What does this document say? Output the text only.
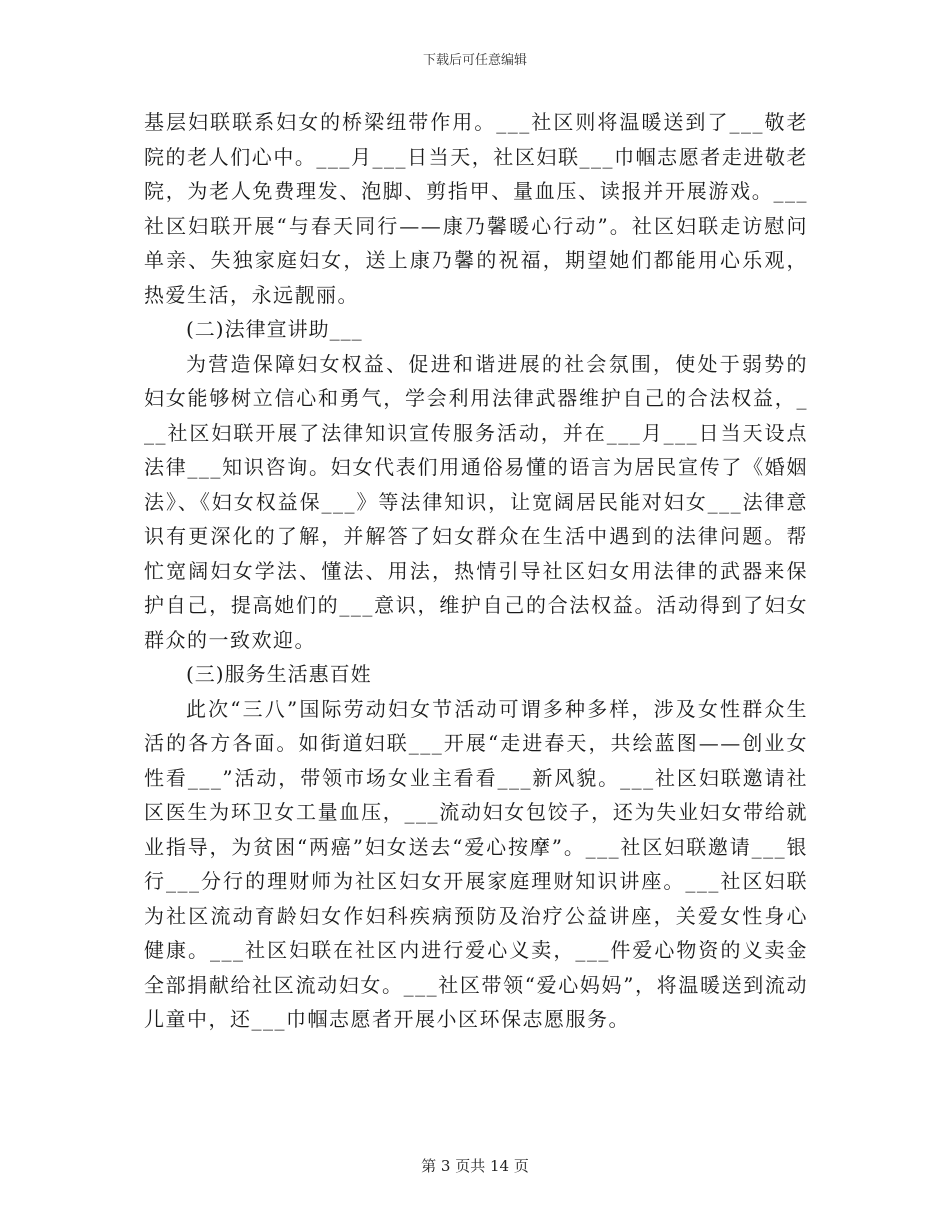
下载后可任意编辑

基层妇联联系妇女的桥梁纽带作用。___社区则将温暖送到了___敬老院的老人们心中。___月___日当天，社区妇联___巾帼志愿者走进敬老院，为老人免费理发、泡脚、剪指甲、量血压、读报并开展游戏。___社区妇联开展“与春天同行——康乃馨暖心行动”。社区妇联走访慰问单亲、失独家庭妇女，送上康乃馨的祝福，期望她们都能用心乐观，热爱生活，永远靓丽。

(二)法律宣讲助___

为营造保障妇女权益、促进和谐进展的社会氛围，使处于弱势的妇女能够树立信心和勇气，学会利用法律武器维护自己的合法权益，___社区妇联开展了法律知识宣传服务活动，并在___月___日当天设点法律___知识咨询。妇女代表们用通俗易懂的语言为居民宣传了《婚姻法》、《妇女权益保___》等法律知识，让宽阔居民能对妇女___法律意识有更深化的了解，并解答了妇女群众在生活中遇到的法律问题。帮忙宽阔妇女学法、懂法、用法，热情引导社区妇女用法律的武器来保护自己，提高她们的___意识，维护自己的合法权益。活动得到了妇女群众的一致欢迎。

(三)服务生活惠百姓

此次“三八”国际劳动妇女节活动可谓多种多样，涉及女性群众生活的各方各面。如街道妇联___开展“走进春天，共绘蓝图——创业女性看___”活动，带领市场女业主看看___新风貌。___社区妇联邀请社区医生为环卫女工量血压，___流动妇女包饺子，还为失业妇女带给就业指导，为贫困“两癌”妇女送去“爱心按摩”。___社区妇联邀请___银行___分行的理财师为社区妇女开展家庭理财知识讲座。___社区妇联为社区流动育龄妇女作妇科疾病预防及治疗公益讲座，关爱女性身心健康。___社区妇联在社区内进行爱心义卖，___件爱心物资的义卖金全部捐献给社区流动妇女。___社区带领“爱心妈妈”，将温暖送到流动儿童中，还___巾帼志愿者开展小区环保志愿服务。

第 3 页共 14 页
